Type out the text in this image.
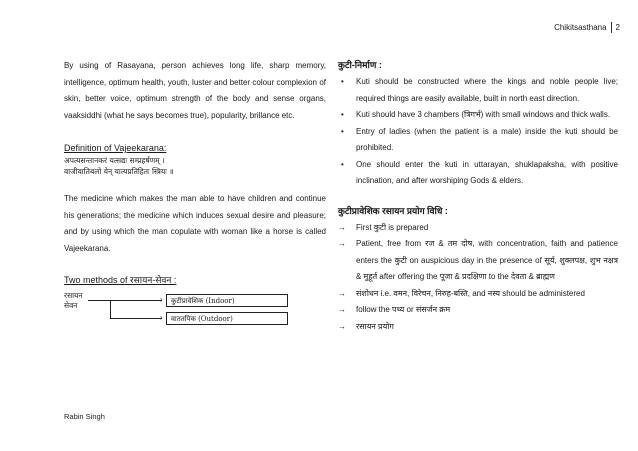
Chikitsasthana 2

By using of Rasayana, person achieves long life, sharp memory, intelligence, optimum health, youth, luster and better colour complexion of skin, better voice, optimum strength of the body and sense organs, vaaksiddhi (what he says becomes true), popularity, brillance etc.

Definition of Vajeekarana:

अपत्यसन्तानकरं यत्सद्यः सम्प्रहर्षणम् ।
वाजीवातिबलो येन् यात्यप्रतिहितः स्त्रियः ॥

The medicine which makes the man able to have children and continue his generations; the medicine which induces sexual desire and pleasure; and by using which the man copulate with woman like a horse is called Vajeekarana.

Two methods of रसायन-सेवन :

रसायन
सेवन
›
›
कुटीप्रावेशिक (Indoor)
वाततपिक (Outdoor)

कुटी-निर्माण :

• Kuti should be constructed where the kings and noble people live; required things are easily available, built in north east direction.
• Kuti should have 3 chambers (त्रिगर्भ) with small windows and thick walls.
• Entry of ladies (when the patient is a male) inside the kuti should be prohibited.
• One should enter the kuti in uttarayan, shuklapaksha, with positive inclination, and after worshiping Gods & elders.

कुटीप्रावेशिक रसायन प्रयोग विधि :

→ First कुटी is prepared
→ Patient, free from रज & तम दोष, with concentration, faith and patience enters the कुटी on auspicious day in the presence of सूर्य, शुक्लपक्ष, शुभ नक्षत्र & मुहूर्त after offering the पूजा & प्रदक्षिणा to the देवता & ब्राह्मण
→ संशोधन i.e. वमन, विरेचन, निरुह-बस्ति, and नस्य should be administered
→ follow the पथ्य or संसर्जन क्रम
→ रसायन प्रयोग
Rabin Singh
